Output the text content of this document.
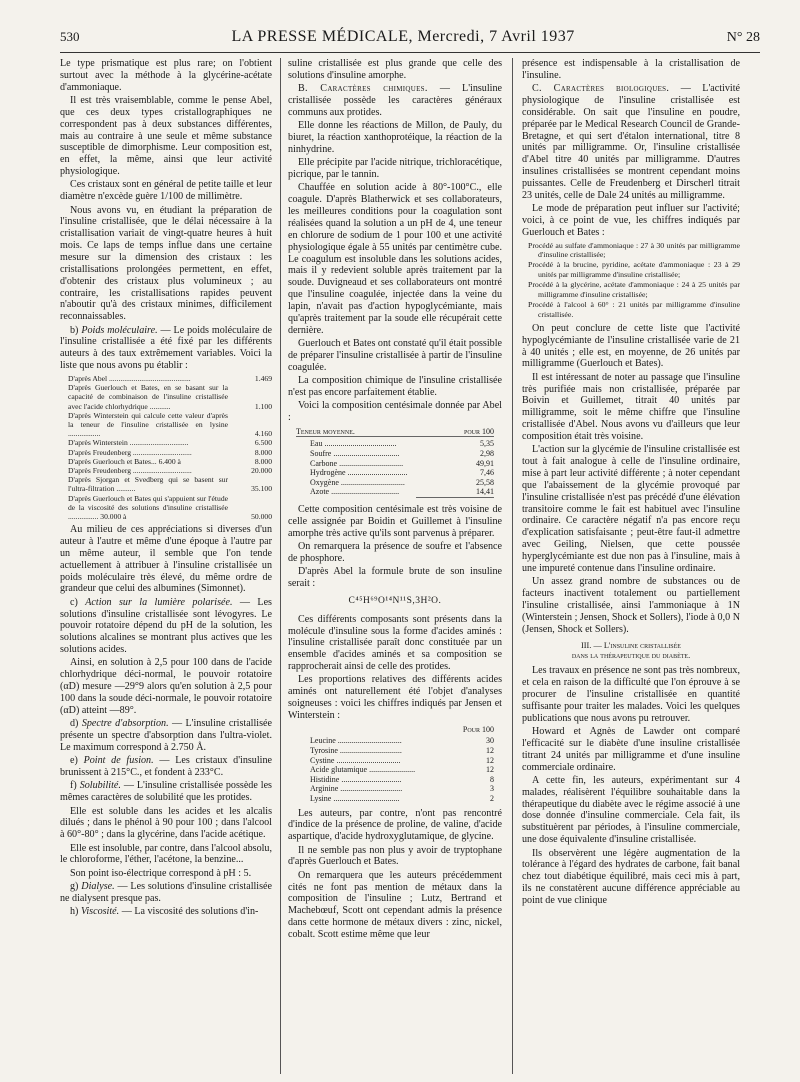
530	LA PRESSE MÉDICALE, Mercredi, 7 Avril 1937	N° 28

Le type prismatique est plus rare; on l'obtient surtout avec la méthode à la glycérine-acétate d'ammoniaque.

Il est très vraisemblable, comme le pense Abel, que ces deux types cristallographiques ne correspondent pas à deux substances différentes, mais au contraire à une seule et même substance susceptible de dimorphisme. Leur composition est, en effet, la même, ainsi que leur activité physiologique.

Ces cristaux sont en général de petite taille et leur diamètre n'excède guère 1/100 de millimètre.

Nous avons vu, en étudiant la préparation de l'insuline cristallisée, que le délai nécessaire à la cristallisation variait de vingt-quatre heures à huit mois. Ce laps de temps influe dans une certaine mesure sur la dimension des cristaux : les cristallisations prolongées permettent, en effet, d'obtenir des cristaux plus volumineux ; au contraire, les cristallisations rapides peuvent n'aboutir qu'à des cristaux minimes, difficilement reconnaissables.

b) Poids moléculaire. — Le poids moléculaire de l'insuline cristallisée a été fixé par les différents auteurs à des taux extrêmement variables. Voici la liste que nous avons pu établir :

D'après Abel ...........................................	1.469
D'après Guerlouch et Bates, en se basant sur la capacité de combinaison de l'insuline cristallisée avec l'acide chlorhydrique ...........	1.100
D'après Winterstein qui calcule cette valeur d'après la teneur de l'insuline cristallisée en lysine .................	4.160
D'après Winterstein ...............................	6.500
D'après Freudenberg ...............................	8.000
D'après Guerlouch et Bates... 6.400 à	8.000
D'après Freudenberg ...............................	20.000
D'après Sjorgan et Svedberg qui se basent sur l'ultra-filtration ..........	35.100
D'après Guerlouch et Bates qui s'appuient sur l'étude de la viscosité des solutions d'insuline cristallisée ................ 30.000 à	50.000

Au milieu de ces appréciations si diverses d'un auteur à l'autre et même d'une époque à l'autre par un même auteur, il semble que l'on tende actuellement à attribuer à l'insuline cristallisée un poids moléculaire très élevé, du même ordre de grandeur que celui des albumines (Simonnet).

c) Action sur la lumière polarisée. — Les solutions d'insuline cristallisée sont lévogyres. Le pouvoir rotatoire dépend du pH de la solution, les solutions alcalines se montrant plus actives que les solutions acides.

Ainsi, en solution à 2,5 pour 100 dans de l'acide chlorhydrique déci-normal, le pouvoir rotatoire (αD) mesure —29°9 alors qu'en solution à 2,5 pour 100 dans la soude déci-normale, le pouvoir rotatoire (αD) atteint —89°.

d) Spectre d'absorption. — L'insuline cristallisée présente un spectre d'absorption dans l'ultra-violet. Le maximum correspond à 2.750 Å.

e) Point de fusion. — Les cristaux d'insuline brunissent à 215°C., et fondent à 233°C.

f) Solubilité. — L'insuline cristallisée possède les mêmes caractères de solubilité que les protides.

Elle est soluble dans les acides et les alcalis dilués ; dans le phénol à 90 pour 100 ; dans l'alcool à 60°-80° ; dans la glycérine, dans l'acide acétique.

Elle est insoluble, par contre, dans l'alcool absolu, le chloroforme, l'éther, l'acétone, la benzine...

Son point iso-électrique correspond à pH : 5.

g) Dialyse. — Les solutions d'insuline cristallisée ne dialysent presque pas.

h) Viscosité. — La viscosité des solutions d'in-

suline cristallisée est plus grande que celle des solutions d'insuline amorphe.

B. Caractères chimiques. — L'insuline cristallisée possède les caractères généraux communs aux protides.

Elle donne les réactions de Millon, de Pauly, du biuret, la réaction xanthoprotéique, la réaction de la ninhydrine.

Elle précipite par l'acide nitrique, trichloracétique, picrique, par le tannin.

Chauffée en solution acide à 80°-100°C., elle coagule. D'après Blatherwick et ses collaborateurs, les meilleures conditions pour la coagulation sont réalisées quand la solution a un pH de 4, une teneur en chlorure de sodium de 1 pour 100 et une activité physiologique égale à 55 unités par centimètre cube. Le coagulum est insoluble dans les solutions acides, mais il y redevient soluble après traitement par la soude. Duvigneaud et ses collaborateurs ont montré que l'insuline coagulée, injectée dans la veine du lapin, n'avait pas d'action hypoglycémiante, mais qu'après traitement par la soude elle récupérait cette dernière.

Guerlouch et Bates ont constaté qu'il était possible de préparer l'insuline cristallisée à partir de l'insuline coagulée.

La composition chimique de l'insuline cristallisée n'est pas encore parfaitement établie.

Voici la composition centésimale donnée par Abel :

Teneur moyenne.	pour 100
Eau ....................................	5,35
Soufre .................................	2,98
Carbone ................................	49,91
Hydrogène ..............................	7,46
Oxygène ................................	25,58
Azote ..................................	14,41

Cette composition centésimale est très voisine de celle assignée par Boidin et Guillemet à l'insuline amorphe très active qu'ils sont parvenus à préparer.

On remarquera la présence de soufre et l'absence de phosphore.

D'après Abel la formule brute de son insuline serait :

C⁴⁵H⁶⁹O¹⁴N¹¹S,3H²O.

Ces différents composants sont présents dans la molécule d'insuline sous la forme d'acides aminés : l'insuline cristallisée paraît donc constituée par un ensemble d'acides aminés et sa composition se rapprocherait ainsi de celle des protides.

Les proportions relatives des différents acides aminés ont naturellement été l'objet d'analyses soigneuses : voici les chiffres indiqués par Jensen et Winterstein :

Pour 100
Leucine ................................	30
Tyrosine ...............................	12
Cystine ................................	12
Acide glutamique .......................	12
Histidine ..............................	8
Arginine ...............................	3
Lysine .................................	2

Les auteurs, par contre, n'ont pas rencontré d'indice de la présence de proline, de valine, d'acide aspartique, d'acide hydroxyglutamique, de glycine.

Il ne semble pas non plus y avoir de tryptophane d'après Guerlouch et Bates.

On remarquera que les auteurs précédemment cités ne font pas mention de métaux dans la composition de l'insuline ; Lutz, Bertrand et Machebœuf, Scott ont cependant admis la présence dans cette hormone de métaux divers : zinc, nickel, cobalt. Scott estime même que leur

présence est indispensable à la cristallisation de l'insuline.

C. Caractères biologiques. — L'activité physiologique de l'insuline cristallisée est considérable. On sait que l'insuline en poudre, préparée par le Medical Research Council de Grande-Bretagne, et qui sert d'étalon international, titre 8 unités par milligramme. Or, l'insuline cristallisée d'Abel titre 40 unités par milligramme. D'autres insulines cristallisées se montrent cependant moins puissantes. Celle de Freudenberg et Dirscherl titrait 23 unités, celle de Dale 24 unités au milligramme.

Le mode de préparation peut influer sur l'activité; voici, à ce point de vue, les chiffres indiqués par Guerlouch et Bates :

Procédé au sulfate d'ammoniaque : 27 à 30 unités par milligramme d'insuline cristallisée;
Procédé à la brucine, pyridine, acétate d'ammoniaque : 23 à 29 unités par milligramme d'insuline cristallisée;
Procédé à la glycérine, acétate d'ammoniaque : 24 à 25 unités par milligramme d'insuline cristallisée;
Procédé à l'alcool à 60° : 21 unités par milligramme d'insuline cristallisée.

On peut conclure de cette liste que l'activité hypoglycémiante de l'insuline cristallisée varie de 21 à 40 unités ; elle est, en moyenne, de 26 unités par milligramme (Guerlouch et Bates).

Il est intéressant de noter au passage que l'insuline très purifiée mais non cristallisée, préparée par Boivin et Guillemet, titrait 40 unités par milligramme, soit le même chiffre que l'insuline cristallisée d'Abel. Nous avons vu d'ailleurs que leur composition était très voisine.

L'action sur la glycémie de l'insuline cristallisée est tout à fait analogue à celle de l'insuline ordinaire, mise à part leur activité différente ; à noter cependant que l'abaissement de la glycémie provoqué par l'insuline cristallisée n'est pas précédé d'une élévation transitoire comme le fait est habituel avec l'insuline ordinaire. Ce caractère négatif n'a pas encore reçu d'explication satisfaisante ; peut-être faut-il admettre avec Geiling, Nielsen, que cette poussée hyperglycémiante est due non pas à l'insuline, mais à une impureté contenue dans l'insuline ordinaire.

Un assez grand nombre de substances ou de facteurs inactivent totalement ou partiellement l'insuline cristallisée, ainsi l'ammoniaque à 1N (Winterstein ; Jensen, Shock et Sollers), l'iode à 0,0 N (Jensen, Shock et Sollers).

III. — L'insuline cristallisée
dans la thérapeutique du diabète.

Les travaux en présence ne sont pas très nombreux, et cela en raison de la difficulté que l'on éprouve à se procurer de l'insuline cristallisée en quantité suffisante pour traiter les malades. Voici les quelques publications que nous avons pu retrouver.

Howard et Agnès de Lawder ont comparé l'efficacité sur le diabète d'une insuline cristallisée titrant 24 unités par milligramme et d'une insuline commerciale ordinaire.

A cette fin, les auteurs, expérimentant sur 4 malades, réalisèrent l'équilibre souhaitable dans la thérapeutique du diabète avec le régime associé à une dose donnée d'insuline commerciale. Cela fait, ils substituèrent par périodes, à l'insuline commerciale, une dose équivalente d'insuline cristallisée.

Ils observèrent une légère augmentation de la tolérance à l'égard des hydrates de carbone, fait banal chez tout diabétique équilibré, mais ceci mis à part, ils ne constatèrent aucune différence appréciable au point de vue clinique
